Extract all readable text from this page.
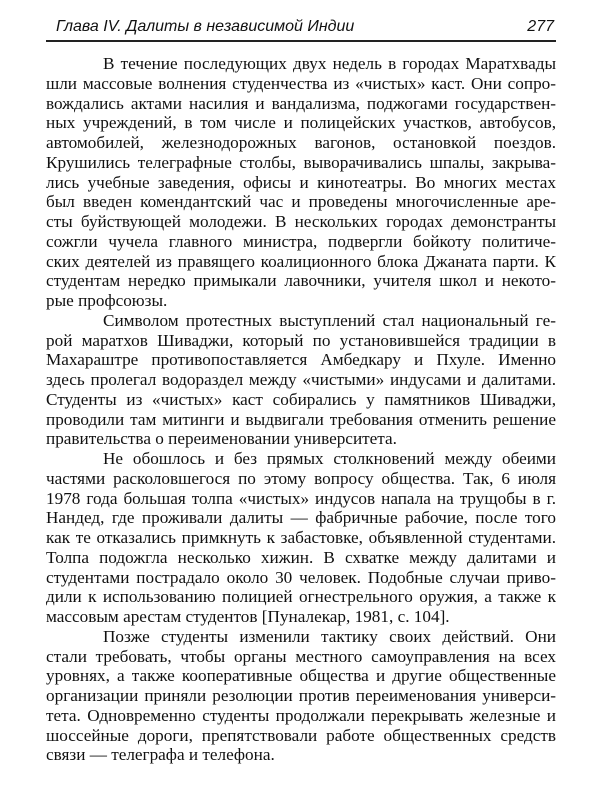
Глава IV. Далиты в независимой Индии	277
В течение последующих двух недель в городах Маратхвады
шли массовые волнения студенчества из «чистых» каст. Они сопро-
вождались актами насилия и вандализма, поджогами государствен-
ных учреждений, в том числе и полицейских участков, автобусов,
автомобилей, железнодорожных вагонов, остановкой поездов.
Крушились телеграфные столбы, выворачивались шпалы, закрыва-
лись учебные заведения, офисы и кинотеатры. Во многих местах
был введен комендантский час и проведены многочисленные аре-
сты буйствующей молодежи. В нескольких городах демонстранты
сожгли чучела главного министра, подвергли бойкоту политиче-
ских деятелей из правящего коалиционного блока Джаната парти. К
студентам нередко примыкали лавочники, учителя школ и некото-
рые профсоюзы.
Символом протестных выступлений стал национальный ге-
рой маратхов Шиваджи, который по установившейся традиции в
Махараштре противопоставляется Амбедкару и Пхуле. Именно
здесь пролегал водораздел между «чистыми» индусами и далитами.
Студенты из «чистых» каст собирались у памятников Шиваджи,
проводили там митинги и выдвигали требования отменить решение
правительства о переименовании университета.
Не обошлось и без прямых столкновений между обеими
частями расколовшегося по этому вопросу общества. Так, 6 июля
1978 года большая толпа «чистых» индусов напала на трущобы в г.
Нандед, где проживали далиты — фабричные рабочие, после того
как те отказались примкнуть к забастовке, объявленной студентами.
Толпа подожгла несколько хижин. В схватке между далитами и
студентами пострадало около 30 человек. Подобные случаи приво-
дили к использованию полицией огнестрельного оружия, а также к
массовым арестам студентов [Пуналекар, 1981, с. 104].
Позже студенты изменили тактику своих действий. Они
стали требовать, чтобы органы местного самоуправления на всех
уровнях, а также кооперативные общества и другие общественные
организации приняли резолюции против переименования универси-
тета. Одновременно студенты продолжали перекрывать железные и
шоссейные дороги, препятствовали работе общественных средств
связи — телеграфа и телефона.
